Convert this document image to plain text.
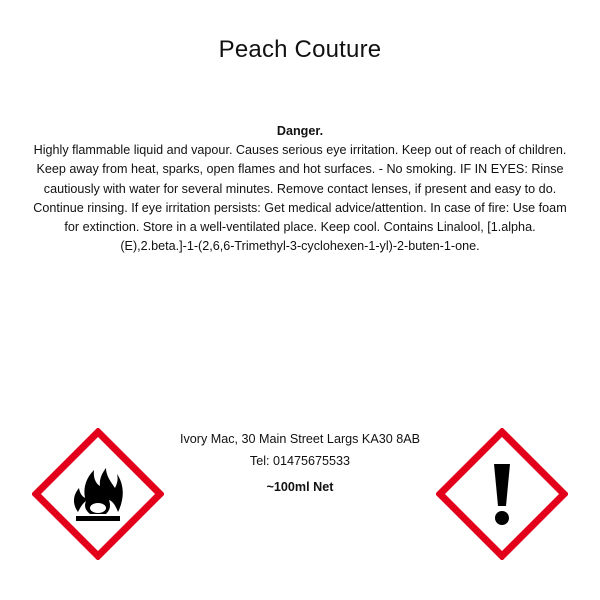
Peach Couture
Danger.
Highly flammable liquid and vapour. Causes serious eye irritation. Keep out of reach of children. Keep away from heat, sparks, open flames and hot surfaces. - No smoking. IF IN EYES: Rinse cautiously with water for several minutes. Remove contact lenses, if present and easy to do. Continue rinsing. If eye irritation persists: Get medical advice/attention. In case of fire: Use foam for extinction. Store in a well-ventilated place. Keep cool. Contains Linalool, [1.alpha.(E),2.beta.]-1-(2,6,6-Trimethyl-3-cyclohexen-1-yl)-2-buten-1-one.
Ivory Mac, 30 Main Street Largs KA30 8AB
Tel: 01475675533
~100ml Net
